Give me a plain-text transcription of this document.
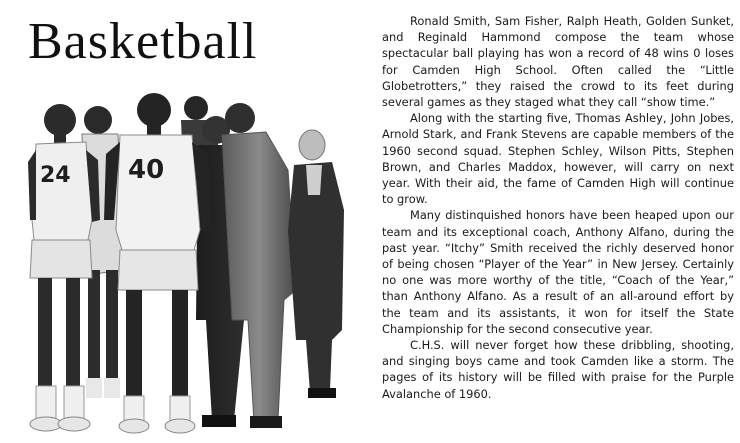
Basketball
24 40

Ronald Smith, Sam Fisher, Ralph Heath, Golden Sunket, and Reginald Hammond compose the team whose spectacular ball playing has won a record of 48 wins 0 loses for Camden High School. Often called the “Little Globetrotters,” they raised the crowd to its feet during several games as they staged what they call “show time.”

Along with the starting five, Thomas Ashley, John Jobes, Arnold Stark, and Frank Stevens are capable members of the 1960 second squad. Stephen Schley, Wilson Pitts, Stephen Brown, and Charles Maddox, however, will carry on next year. With their aid, the fame of Camden High will continue to grow.

Many distinquished honors have been heaped upon our team and its exceptional coach, Anthony Alfano, during the past year. “Itchy” Smith received the richly deserved honor of being chosen “Player of the Year” in New Jersey. Certainly no one was more worthy of the title, “Coach of the Year,” than Anthony Alfano. As a result of an all-around effort by the team and its assistants, it won for itself the State Championship for the second consecutive year.

C.H.S. will never forget how these dribbling, shooting, and singing boys came and took Camden like a storm. The pages of its history will be filled with praise for the Purple Avalanche of 1960.
